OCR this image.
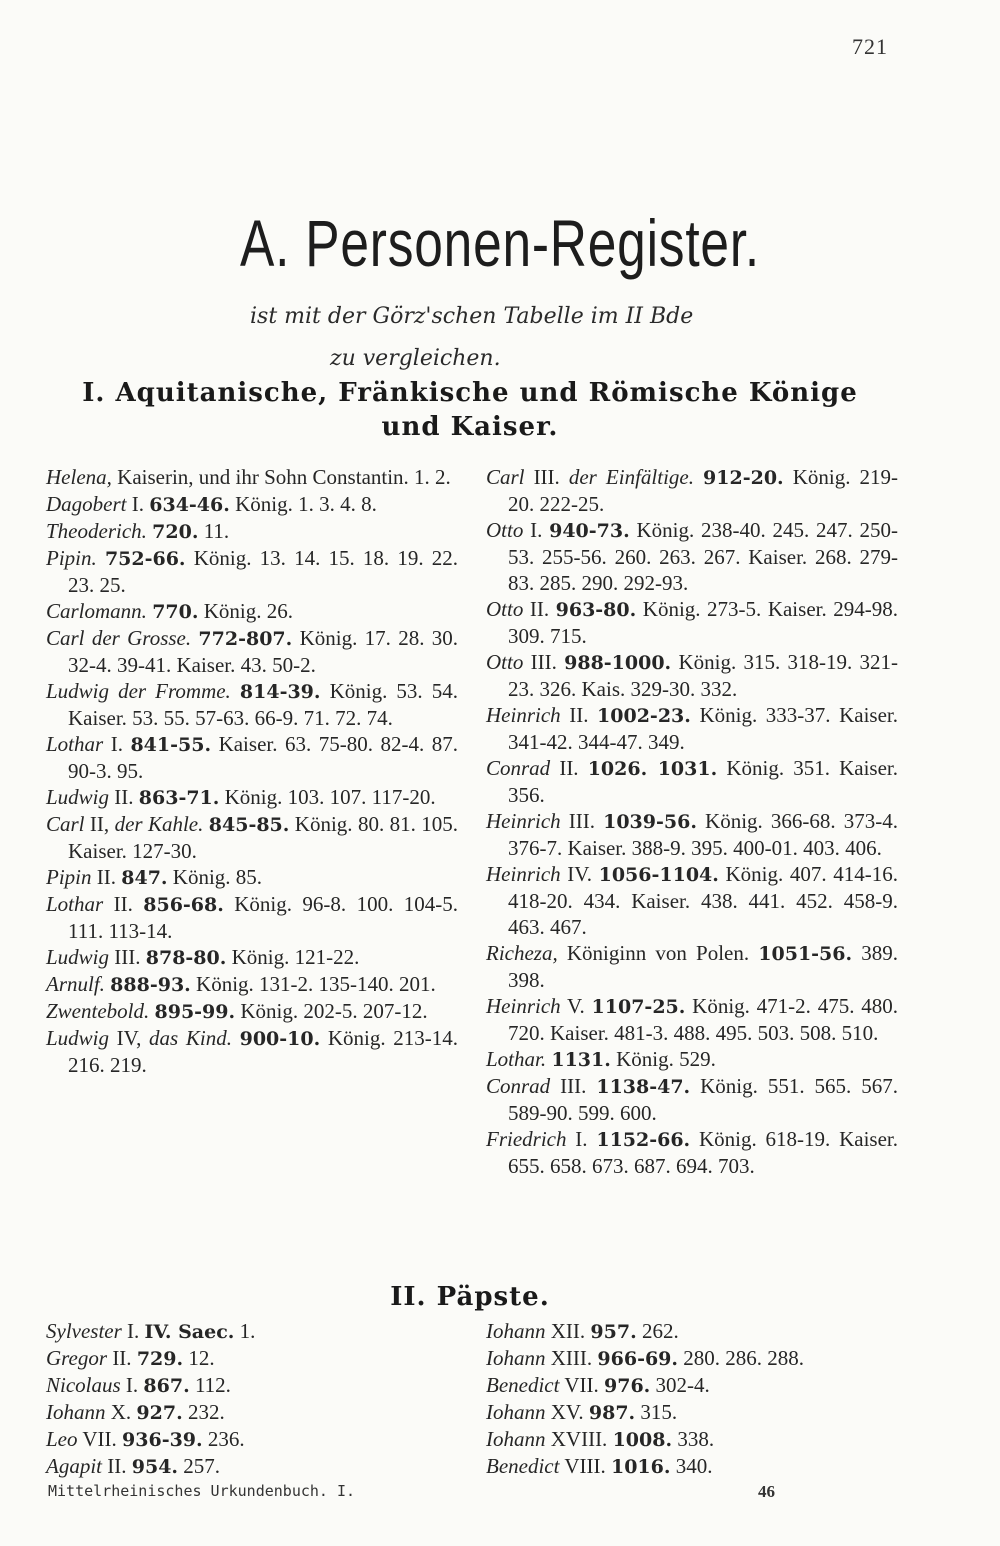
721
A. Personen-Register.
ist mit der Görz'schen Tabelle im II Bde
zu vergleichen.
I. Aquitanische, Fränkische und Römische Könige
und Kaiser.

Helena, Kaiserin, und ihr Sohn Constantin. 1. 2.

Dagobert I. 634-46. König. 1. 3. 4. 8.

Theoderich. 720. 11.

Pipin. 752-66. König. 13. 14. 15. 18. 19. 22. 23. 25.

Carlomann. 770. König. 26.

Carl der Grosse. 772-807. König. 17. 28. 30. 32-4. 39-41. Kaiser. 43. 50-2.

Ludwig der Fromme. 814-39. König. 53. 54. Kaiser. 53. 55. 57-63. 66-9. 71. 72. 74.

Lothar I. 841-55. Kaiser. 63. 75-80. 82-4. 87. 90-3. 95.

Ludwig II. 863-71. König. 103. 107. 117-20.

Carl II, der Kahle. 845-85. König. 80. 81. 105. Kaiser. 127-30.

Pipin II. 847. König. 85.

Lothar II. 856-68. König. 96-8. 100. 104-5. 111. 113-14.

Ludwig III. 878-80. König. 121-22.

Arnulf. 888-93. König. 131-2. 135-140. 201.

Zwentebold. 895-99. König. 202-5. 207-12.

Ludwig IV, das Kind. 900-10. König. 213-14. 216. 219.

Carl III. der Einfältige. 912-20. König. 219-20. 222-25.

Otto I. 940-73. König. 238-40. 245. 247. 250-53. 255-56. 260. 263. 267. Kaiser. 268. 279-83. 285. 290. 292-93.

Otto II. 963-80. König. 273-5. Kaiser. 294-98. 309. 715.

Otto III. 988-1000. König. 315. 318-19. 321-23. 326. Kais. 329-30. 332.

Heinrich II. 1002-23. König. 333-37. Kaiser. 341-42. 344-47. 349.

Conrad II. 1026. 1031. König. 351. Kaiser. 356.

Heinrich III. 1039-56. König. 366-68. 373-4. 376-7. Kaiser. 388-9. 395. 400-01. 403. 406.

Heinrich IV. 1056-1104. König. 407. 414-16. 418-20. 434. Kaiser. 438. 441. 452. 458-9. 463. 467.

Richeza, Königinn von Polen. 1051-56. 389. 398.

Heinrich V. 1107-25. König. 471-2. 475. 480. 720. Kaiser. 481-3. 488. 495. 503. 508. 510.

Lothar. 1131. König. 529.

Conrad III. 1138-47. König. 551. 565. 567. 589-90. 599. 600.

Friedrich I. 1152-66. König. 618-19. Kaiser. 655. 658. 673. 687. 694. 703.

II. Päpste.

Sylvester I. IV. Saec. 1.

Gregor II. 729. 12.

Nicolaus I. 867. 112.

Iohann X. 927. 232.

Leo VII. 936-39. 236.

Agapit II. 954. 257.

Iohann XII. 957. 262.

Iohann XIII. 966-69. 280. 286. 288.

Benedict VII. 976. 302-4.

Iohann XV. 987. 315.

Iohann XVIII. 1008. 338.

Benedict VIII. 1016. 340.

Mittelrheinisches Urkundenbuch. I.	46
